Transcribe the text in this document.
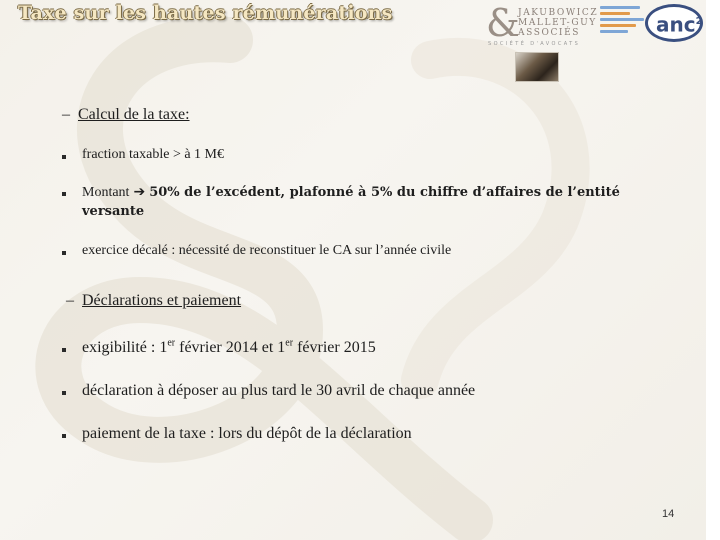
Taxe sur les hautes rémunérations &
JAKUBOWICZ
MALLET-GUY
ASSOCIÉS
SOCIÉTÉ D'AVOCATS
anc$^2$
– Calcul de la taxe:
fraction taxable > à 1 M€
Montant ➔ 50% de l’excédent, plafonné à 5% du chiffre d’affaires de l’entité
versante
exercice décalé : nécessité de reconstituer le CA sur l’année civile
– Déclarations et paiement
exigibilité : 1er février 2014 et 1er février 2015
déclaration à déposer au plus tard le 30 avril de chaque année
paiement de la taxe : lors du dépôt de la déclaration
14
